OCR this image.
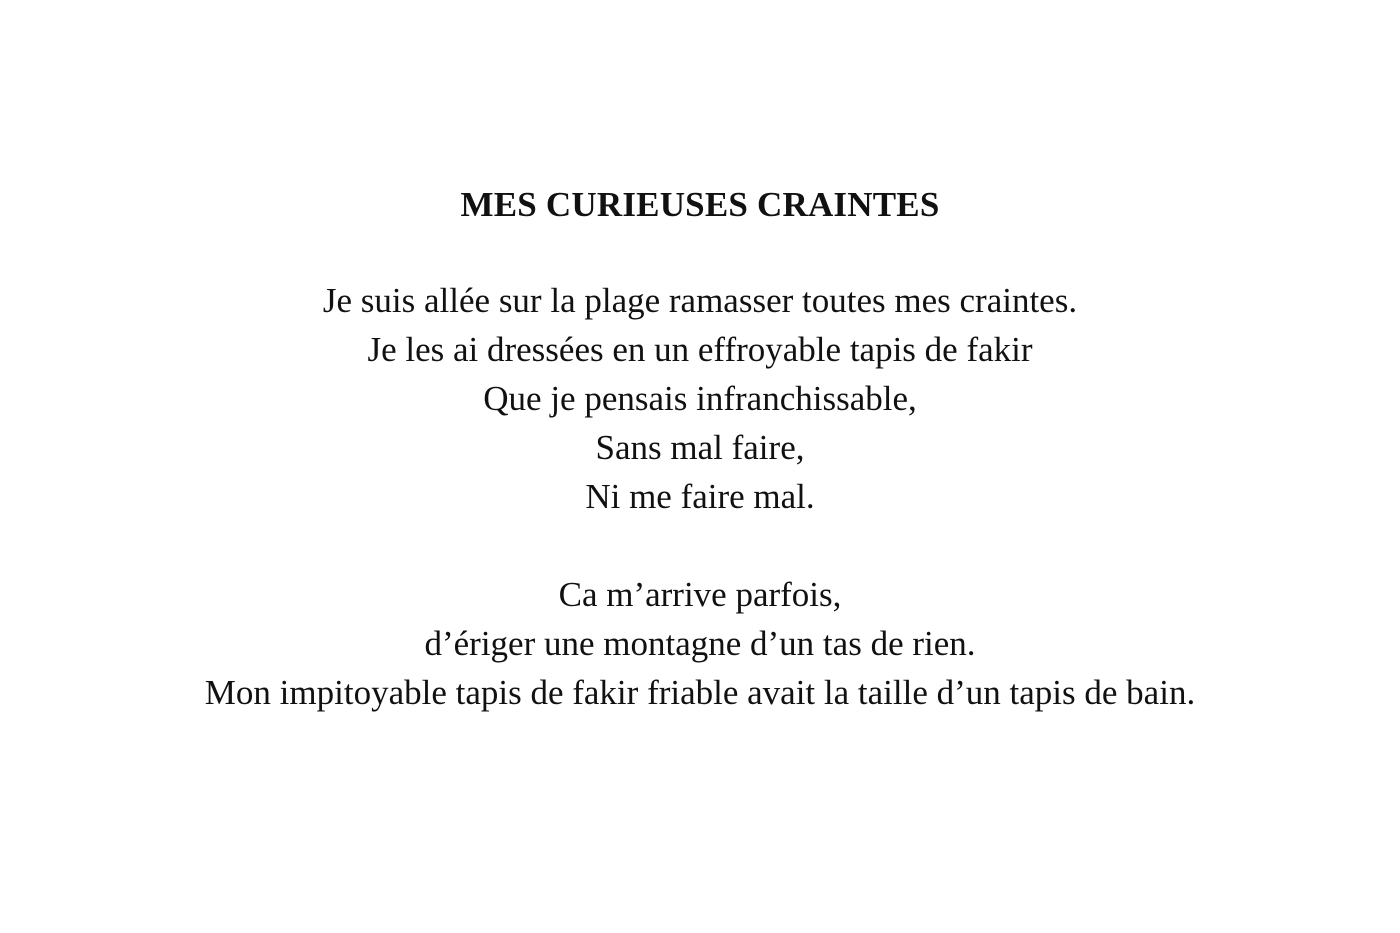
MES CURIEUSES CRAINTES

Je suis allée sur la plage ramasser toutes mes craintes.
Je les ai dressées en un effroyable tapis de fakir
Que je pensais infranchissable,
Sans mal faire,
Ni me faire mal.

Ca m’arrive parfois,
d’ériger une montagne d’un tas de rien.
Mon impitoyable tapis de fakir friable avait la taille d’un tapis de bain.
